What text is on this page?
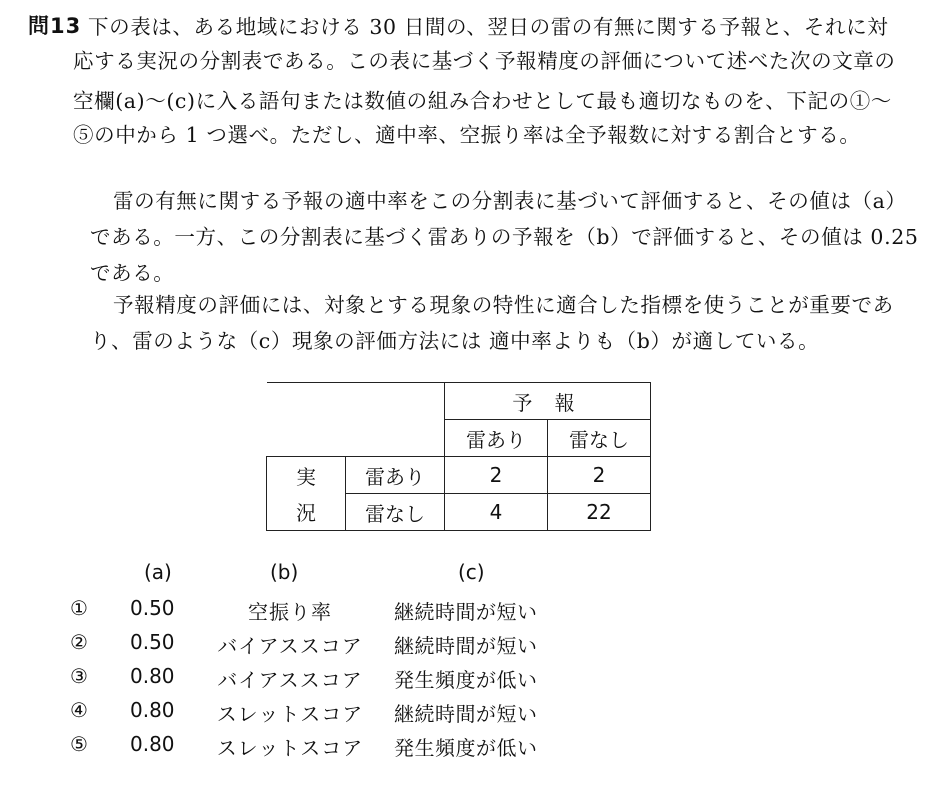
問13 下の表は、ある地域における 30 日間の、翌日の雷の有無に関する予報と、それに対
応する実況の分割表である。この表に基づく予報精度の評価について述べた次の文章の
空欄(a)～(c)に入る語句または数値の組み合わせとして最も適切なものを、下記の①～
⑤の中から 1 つ選べ。ただし、適中率、空振り率は全予報数に対する割合とする。
雷の有無に関する予報の適中率をこの分割表に基づいて評価すると、その値は（a）
である。一方、この分割表に基づく雷ありの予報を（b）で評価すると、その値は 0.25
である。
予報精度の評価には、対象とする現象の特性に適合した指標を使うことが重要であ
り、雷のような（c）現象の評価方法には 適中率よりも（b）が適している。
		予 報	
		雷あり	雷なし
実	雷あり	2	2
況	雷なし	4	22
(a)	(b)	(c)
①	0.50	空振り率	継続時間が短い
②	0.50	バイアススコア	継続時間が短い
③	0.80	バイアススコア	発生頻度が低い
④	0.80	スレットスコア	継続時間が短い
⑤	0.80	スレットスコア	発生頻度が低い
